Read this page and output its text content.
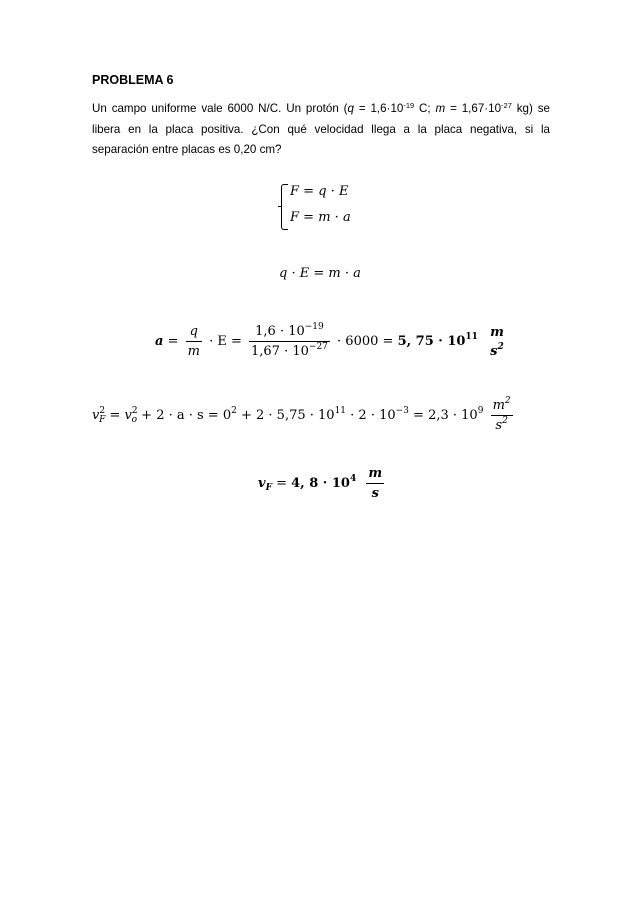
PROBLEMA 6
Un campo uniforme vale 6000 N/C. Un protón ($q = 1,6\cdot 10^{-19}$ C; $m = 1,67\cdot 10^{-27}$ kg) se
libera en la placa positiva. ¿Con qué velocidad llega a la placa negativa, si la
separación entre placas es 0,20 cm?
F = q · E
F = m · a
q · E = m · a
$a = \frac{q}{m} \cdot E = \frac{1,6 \cdot 10^{-19}}{1,67 \cdot 10^{-27}} \cdot 6000 = 5$, $75 \cdot 10^{11}$ m
$s^2$
$v^2_F = v^2_o + 2 \cdot a \cdot s = 0^2 + 2 \cdot 5,75 \cdot 10^{11} \cdot 2 \cdot 10^{-3} = 2,3 \cdot 10^9 \frac{m^2}{s^2}$
$v_F = 4$, $8 \cdot 10^4 \frac{m}{s}$
